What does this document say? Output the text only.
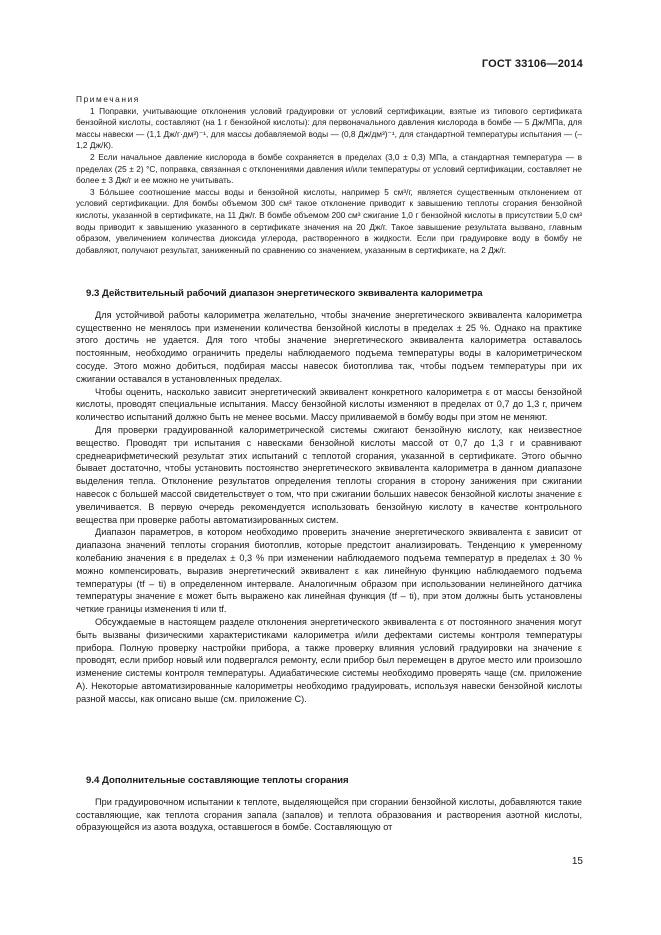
ГОСТ 33106—2014

Примечания

1 Поправки, учитывающие отклонения условий градуировки от условий сертификации, взятые из типового сертификата бензойной кислоты, составляют (на 1 г бензойной кислоты): для первоначального давления кислорода в бомбе — 5 Дж/МПа, для массы навески — (1,1 Дж/г·дм³)⁻¹, для массы добавляемой воды — (0,8 Дж/дм³)⁻¹, для стандартной температуры испытания — (–1,2 Дж/К).

2 Если начальное давление кислорода в бомбе сохраняется в пределах (3,0 ± 0,3) МПа, а стандартная температура — в пределах (25 ± 2) °С, поправка, связанная с отклонениями давления и/или температуры от условий сертификации, составляет не более ± 3 Дж/г и ее можно не учитывать.

3 Бо́льшее соотношение массы воды и бензойной кислоты, например 5 см³/г, является существенным отклонением от условий сертификации. Для бомбы объемом 300 см³ такое отклонение приводит к завышению теплоты сгорания бензойной кислоты, указанной в сертификате, на 11 Дж/г. В бомбе объемом 200 см³ сжигание 1,0 г бензойной кислоты в присутствии 5,0 см³ воды приводит к завышению указанного в сертификате значения на 20 Дж/г. Такое завышение результата вызвано, главным образом, увеличением количества диоксида углерода, растворенного в жидкости. Если при градуировке воду в бомбу не добавляют, получают результат, заниженный по сравнению со значением, указанным в сертификате, на 2 Дж/г.

9.3 Действительный рабочий диапазон энергетического эквивалента калориметра

Для устойчивой работы калориметра желательно, чтобы значение энергетического эквивалента калориметра существенно не менялось при изменении количества бензойной кислоты в пределах ± 25 %. Однако на практике этого достичь не удается. Для того чтобы значение энергетического эквивалента калориметра оставалось постоянным, необходимо ограничить пределы наблюдаемого подъема температуры воды в калориметрическом сосуде. Этого можно добиться, подбирая массы навесок биотоплива так, чтобы подъем температуры при их сжигании оставался в установленных пределах.

Чтобы оценить, насколько зависит энергетический эквивалент конкретного калориметра ε от массы бензойной кислоты, проводят специальные испытания. Массу бензойной кислоты изменяют в пределах от 0,7 до 1,3 г, причем количество испытаний должно быть не менее восьми. Массу приливаемой в бомбу воды при этом не меняют.

Для проверки градуированной калориметрической системы сжигают бензойную кислоту, как неизвестное вещество. Проводят три испытания с навесками бензойной кислоты массой от 0,7 до 1,3 г и сравнивают среднеарифметический результат этих испытаний с теплотой сгорания, указанной в сертификате. Этого обычно бывает достаточно, чтобы установить постоянство энергетического эквивалента калориметра в данном диапазоне выделения тепла. Отклонение результатов определения теплоты сгорания в сторону занижения при сжигании навесок с большей массой свидетельствует о том, что при сжигании больших навесок бензойной кислоты значение ε увеличивается. В первую очередь рекомендуется использовать бензойную кислоту в качестве контрольного вещества при проверке работы автоматизированных систем.

Диапазон параметров, в котором необходимо проверить значение энергетического эквивалента ε зависит от диапазона значений теплоты сгорания биотоплив, которые предстоит анализировать. Тенденцию к умеренному колебанию значения ε в пределах ± 0,3 % при изменении наблюдаемого подъема температур в пределах ± 30 % можно компенсировать, выразив энергетический эквивалент ε как линейную функцию наблюдаемого подъема температуры (tf – ti) в определенном интервале. Аналогичным образом при использовании нелинейного датчика температуры значение ε может быть выражено как линейная функция (tf – ti), при этом должны быть установлены четкие границы изменения ti или tf.

Обсуждаемые в настоящем разделе отклонения энергетического эквивалента ε от постоянного значения могут быть вызваны физическими характеристиками калориметра и/или дефектами системы контроля температуры прибора. Полную проверку настройки прибора, а также проверку влияния условий градуировки на значение ε проводят, если прибор новый или подвергался ремонту, если прибор был перемещен в другое место или произошло изменение системы контроля температуры. Адиабатические системы необходимо проверять чаще (см. приложение А). Некоторые автоматизированные калориметры необходимо градуировать, используя навески бензойной кислоты разной массы, как описано выше (см. приложение С).

9.4 Дополнительные составляющие теплоты сгорания

При градуировочном испытании к теплоте, выделяющейся при сгорании бензойной кислоты, добавляются такие составляющие, как теплота сгорания запала (запалов) и теплота образования и растворения азотной кислоты, образующейся из азота воздуха, оставшегося в бомбе. Составляющую от

15
